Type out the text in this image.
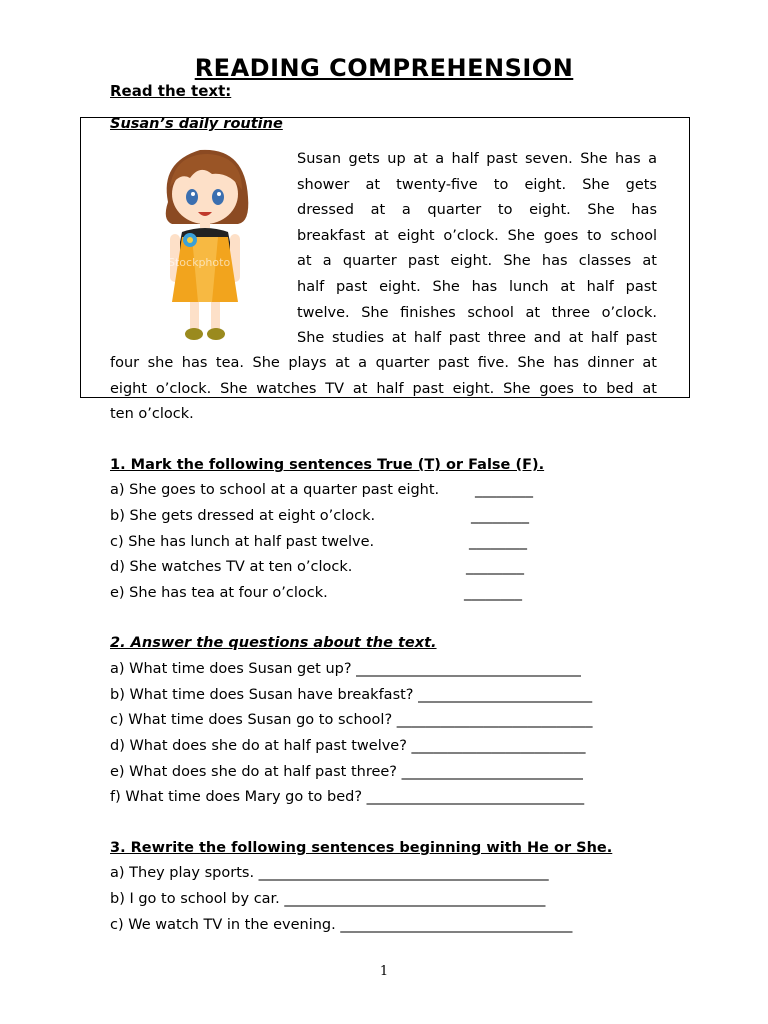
READING COMPREHENSION
Read the text:
Susan’s daily routine
Stockphoto
Susan gets up at a half past seven. She has a
shower at twenty-five to eight. She gets
dressed at a quarter to eight. She has
breakfast at eight o’clock. She goes to school
at a quarter past eight. She has classes at
half past eight. She has lunch at half past
twelve. She finishes school at three o’clock.
She studies at half past three and at half past
four she has tea. She plays at a quarter past five. She has dinner at
eight o’clock. She watches TV at half past eight. She goes to bed at
ten o’clock.
1. Mark the following sentences True (T) or False (F).
a) She goes to school at a quarter past eight. ________
b) She gets dressed at eight o’clock.	________
c) She has lunch at half past twelve.	________
d) She watches TV at ten o’clock.	________
e) She has tea at four o’clock.	________
2. Answer the questions about the text.
a) What time does Susan get up? _______________________________
b) What time does Susan have breakfast? ________________________
c) What time does Susan go to school? ___________________________
d) What does she do at half past twelve? ________________________
e) What does she do at half past three? _________________________
f) What time does Mary go to bed? ______________________________
3. Rewrite the following sentences beginning with He or She.
a) They play sports. ________________________________________
b) I go to school by car. ____________________________________
c) We watch TV in the evening. ________________________________
1
